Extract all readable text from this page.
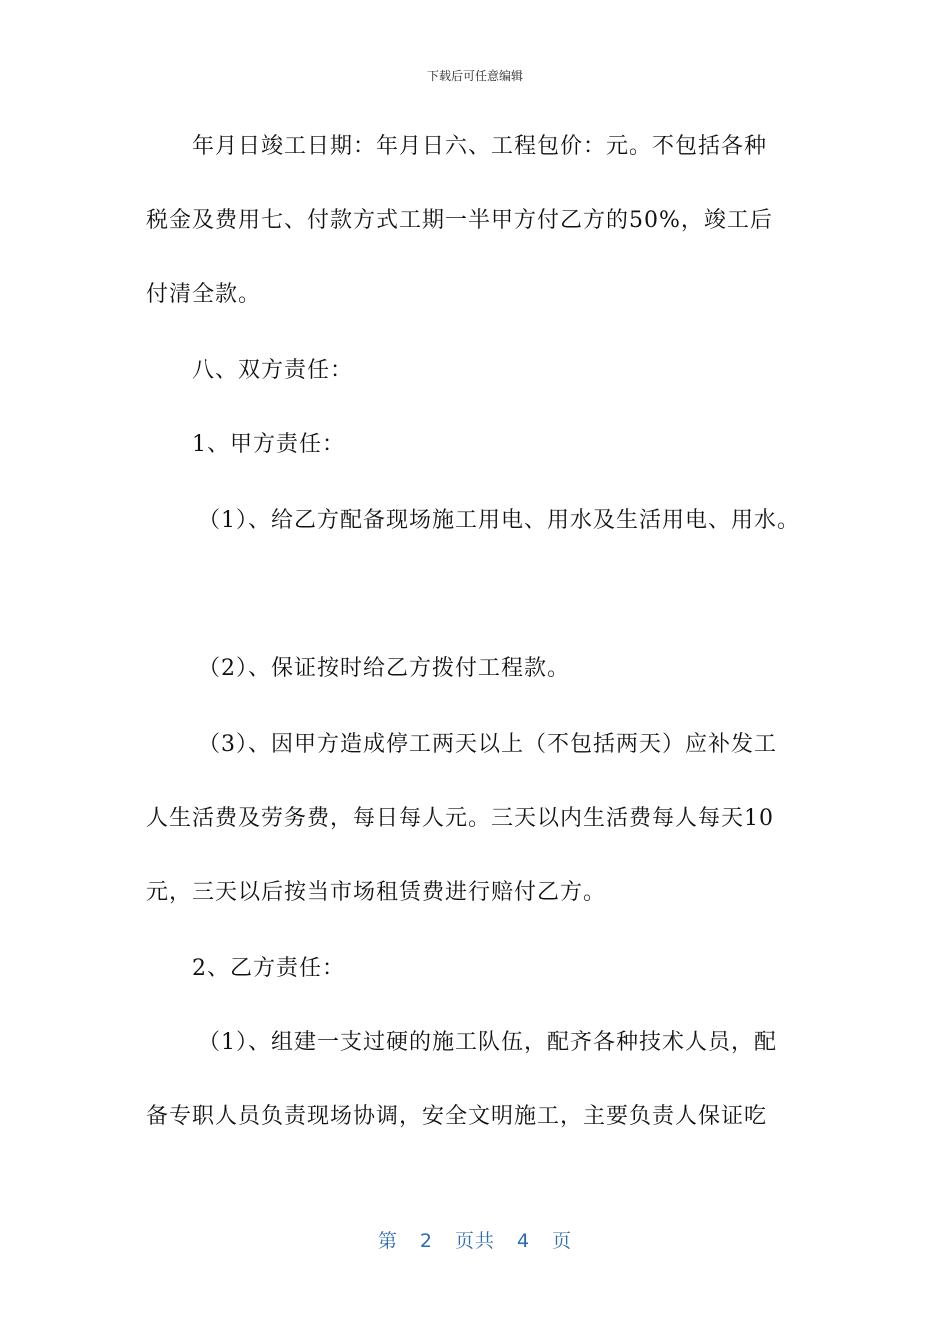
下载后可任意编辑
年月日竣工日期：年月日六、工程包价：元。不包括各种
税金及费用七、付款方式工期一半甲方付乙方的50%，竣工后
付清全款。
八、双方责任：
1、甲方责任：
（1）、给乙方配备现场施工用电、用水及生活用电、用水。
（2）、保证按时给乙方拨付工程款。
（3）、因甲方造成停工两天以上（不包括两天）应补发工
人生活费及劳务费，每日每人元。三天以内生活费每人每天10
元，三天以后按当市场租赁费进行赔付乙方。
2、乙方责任：
（1）、组建一支过硬的施工队伍，配齐各种技术人员，配
备专职人员负责现场协调，安全文明施工，主要负责人保证吃
第 2 页共 4 页
